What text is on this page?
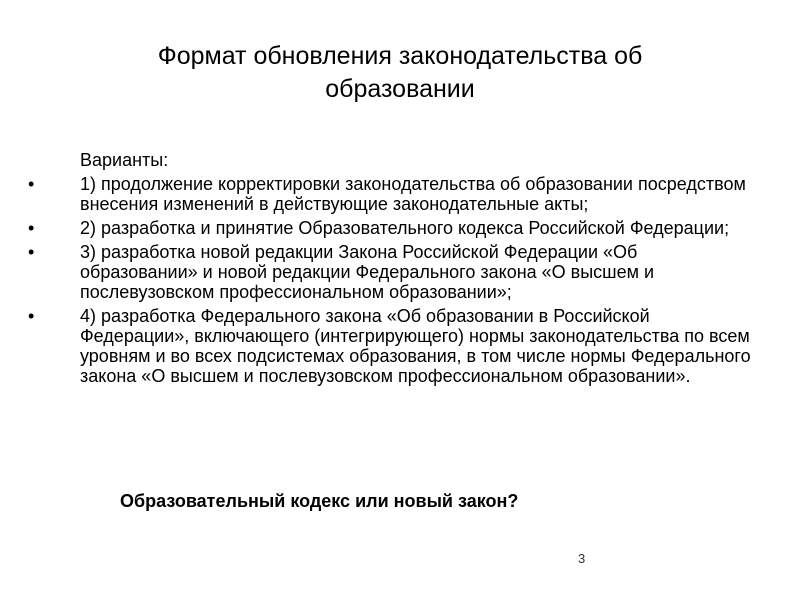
Формат обновления законодательства об
образовании

Варианты:

•	1) продолжение корректировки законодательства об образовании посредством внесения изменений в действующие законодательные акты;
•	2) разработка и принятие Образовательного кодекса Российской Федерации;
•	3) разработка новой редакции Закона Российской Федерации «Об образовании» и новой редакции Федерального закона «О высшем и послевузовском профессиональном образовании»;
•	4) разработка Федерального закона «Об образовании в Российской Федерации», включающего (интегрирующего) нормы законодательства по всем уровням и во всех подсистемах образования, в том числе нормы Федерального закона «О высшем и послевузовском профессиональном образовании».

Образовательный кодекс или новый закон?

3
